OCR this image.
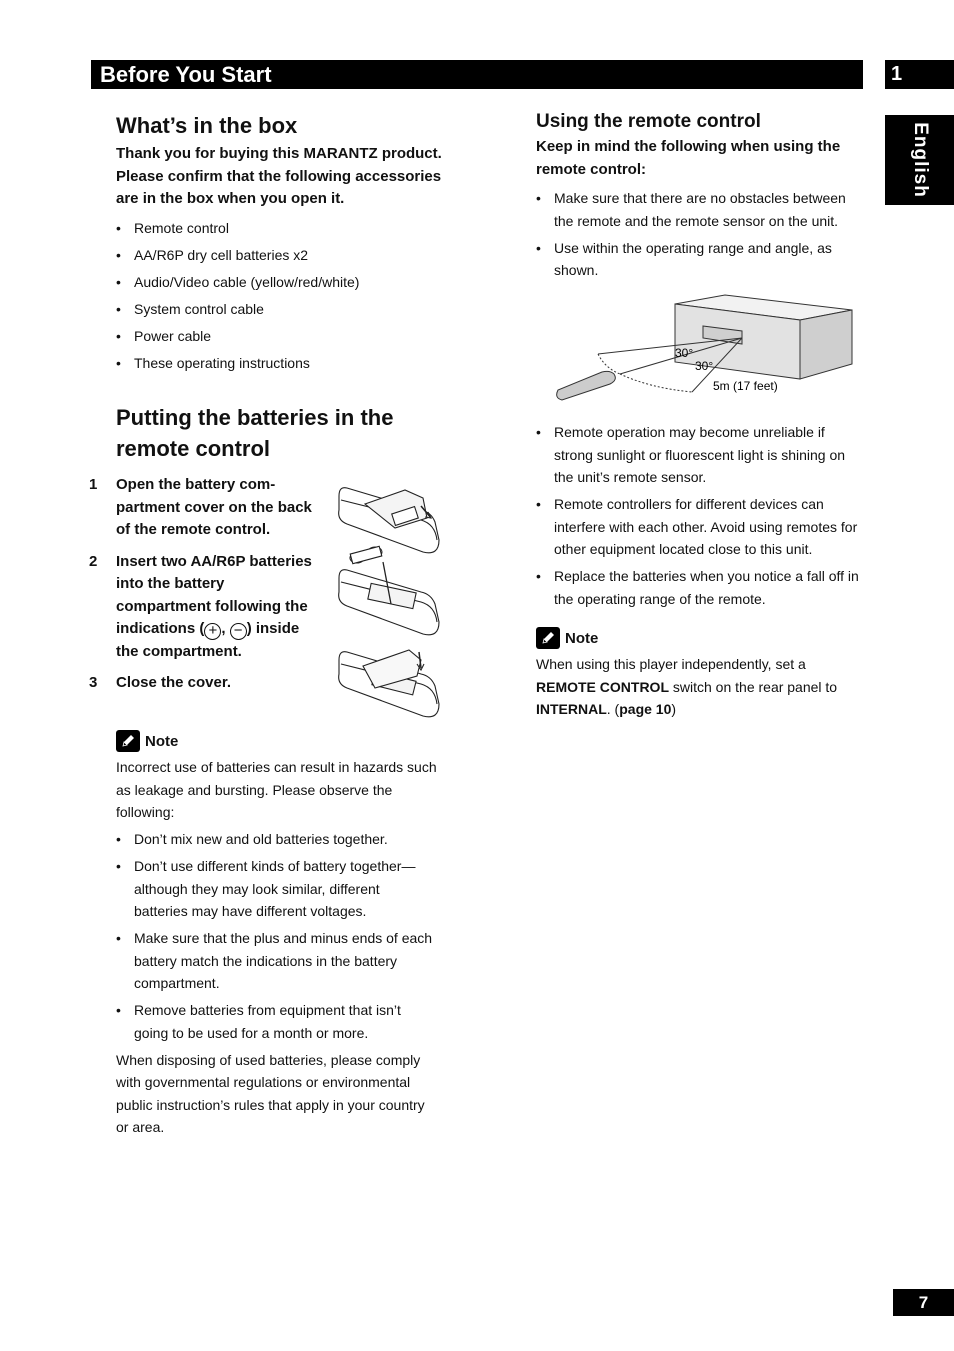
Before You Start	1
English
What’s in the box

Thank you for buying this MARANTZ product. Please confirm that the following accessories are in the box when you open it.

• Remote control
• AA/R6P dry cell batteries x2
• Audio/Video cable (yellow/red/white)
• System control cable
• Power cable
• These operating instructions
Putting the batteries in the remote control
1	Open the battery compartment cover on the back of the remote control.
2	Insert two AA/R6P batteries into the battery compartment following the indications ( + , − ) inside the compartment.
3	Close the cover.
Note

Incorrect use of batteries can result in hazards such as leakage and bursting. Please observe the following:

• Don’t mix new and old batteries together.
• Don’t use different kinds of battery together—although they may look similar, different batteries may have different voltages.
• Make sure that the plus and minus ends of each battery match the indications in the battery compartment.
• Remove batteries from equipment that isn’t going to be used for a month or more.

When disposing of used batteries, please comply with governmental regulations or environmental public instruction’s rules that apply in your country or area.

Using the remote control

Keep in mind the following when using the remote control:

• Make sure that there are no obstacles between the remote and the remote sensor on the unit.
• Use within the operating range and angle, as shown.
30°
30°
5m (17 feet)
• Remote operation may become unreliable if strong sunlight or fluorescent light is shining on the unit’s remote sensor.
• Remote controllers for different devices can interfere with each other. Avoid using remotes for other equipment located close to this unit.
• Replace the batteries when you notice a fall off in the operating range of the remote.
Note

When using this player independently, set a REMOTE CONTROL switch on the rear panel to INTERNAL. (page 10)

7
